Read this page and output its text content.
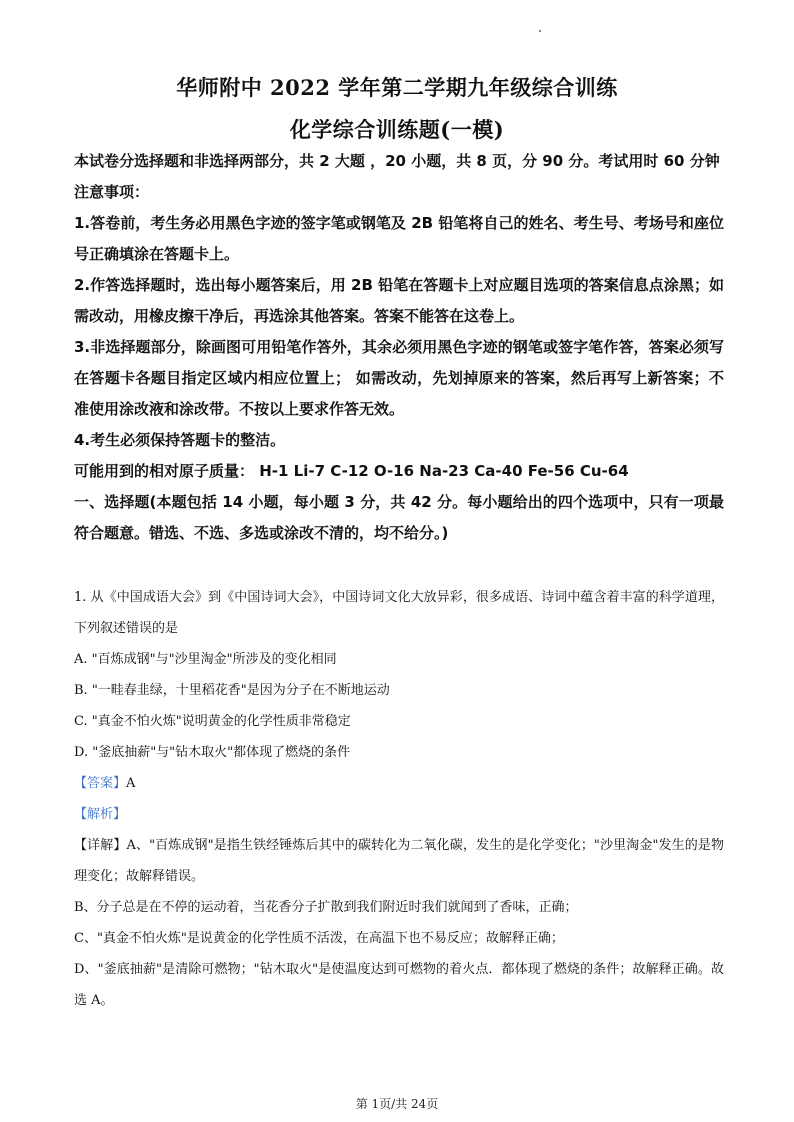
华师附中 2022 学年第二学期九年级综合训练
化学综合训练题(一模)

本试卷分选择题和非选择两部分，共 2 大题 ，20 小题，共 8 页，分 90 分。考试用时 60 分钟

注意事项：

1.答卷前，考生务必用黑色字迹的签字笔或钢笔及 2B 铅笔将自己的姓名、考生号、考场号和座位号正确填涂在答题卡上。

2.作答选择题时，选出每小题答案后，用 2B 铅笔在答题卡上对应题目选项的答案信息点涂黑；如需改动，用橡皮擦干净后，再选涂其他答案。答案不能答在这卷上。

3.非选择题部分，除画图可用铅笔作答外，其余必须用黑色字迹的钢笔或签字笔作答，答案必须写在答题卡各题目指定区域内相应位置上； 如需改动，先划掉原来的答案，然后再写上新答案；不准使用涂改液和涂改带。不按以上要求作答无效。

4.考生必须保持答题卡的整洁。

可能用到的相对原子质量： H-1 Li-7 C-12 O-16 Na-23 Ca-40 Fe-56 Cu-64

一、选择题(本题包括 14 小题，每小题 3 分，共 42 分。每小题给出的四个选项中，只有一项最符合题意。错选、不选、多选或涂改不清的，均不给分。)

1. 从《中国成语大会》到《中国诗词大会》，中国诗词文化大放异彩，很多成语、诗词中蕴含着丰富的科学道理，下列叙述错误的是

A. "百炼成钢"与"沙里淘金"所涉及的变化相同

B. "一畦春韭绿，十里稻花香"是因为分子在不断地运动

C. "真金不怕火炼"说明黄金的化学性质非常稳定

D. "釜底抽薪"与"钻木取火"都体现了燃烧的条件

【答案】A

【解析】

【详解】A、"百炼成钢"是指生铁经锤炼后其中的碳转化为二氧化碳，发生的是化学变化；"沙里淘金"发生的是物理变化；故解释错误。

B、分子总是在不停的运动着，当花香分子扩散到我们附近时我们就闻到了香味，正确；

C、"真金不怕火炼"是说黄金的化学性质不活泼，在高温下也不易反应；故解释正确；

D、"釜底抽薪"是清除可燃物；"钻木取火"是使温度达到可燃物的着火点．都体现了燃烧的条件；故解释正确。故选 A。

第 1页/共 24页
